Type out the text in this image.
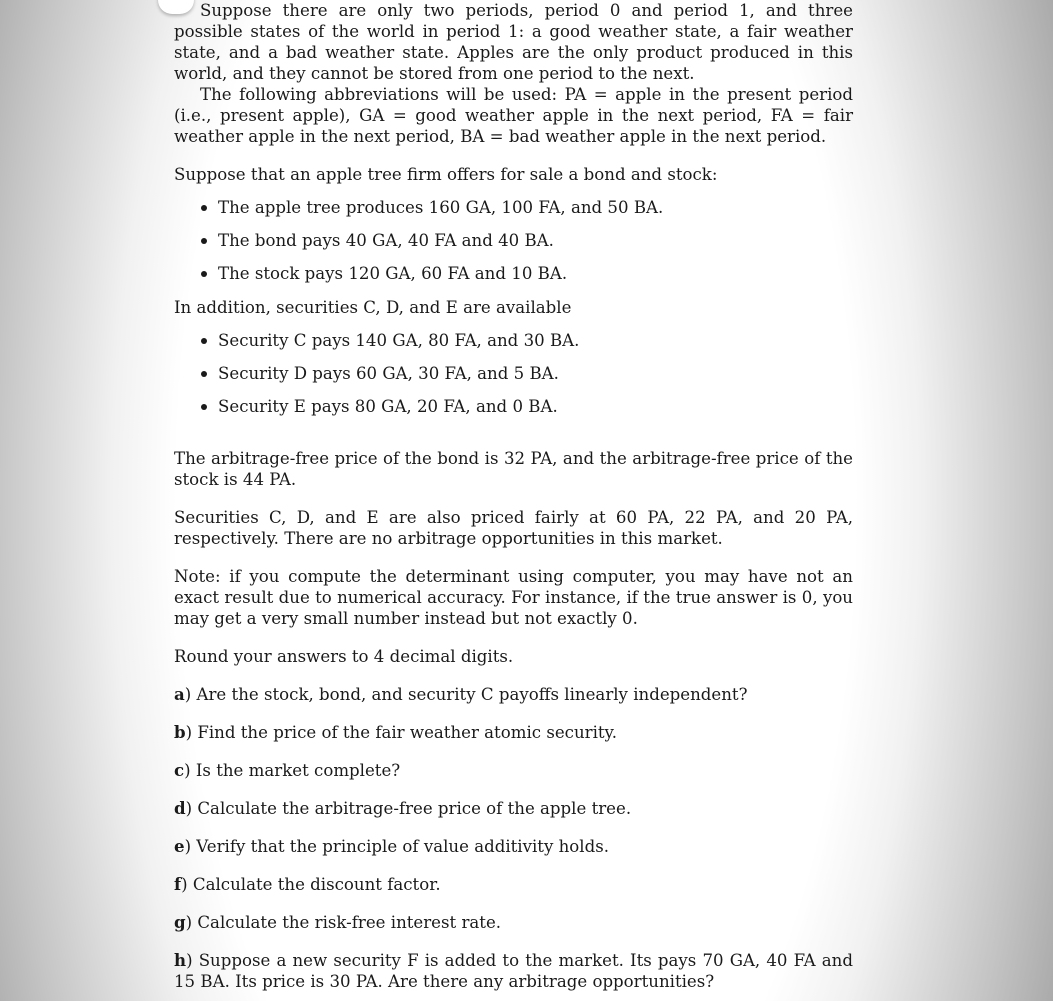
Suppose there are only two periods, period 0 and period 1, and three possible states of the world in period 1: a good weather state, a fair weather state, and a bad weather state. Apples are the only product produced in this world, and they cannot be stored from one period to the next.

The following abbreviations will be used: PA = apple in the present period (i.e., present apple), GA = good weather apple in the next period, FA = fair weather apple in the next period, BA = bad weather apple in the next period.

Suppose that an apple tree firm offers for sale a bond and stock:

The apple tree produces 160 GA, 100 FA, and 50 BA.
The bond pays 40 GA, 40 FA and 40 BA.
The stock pays 120 GA, 60 FA and 10 BA.

In addition, securities C, D, and E are available

Security C pays 140 GA, 80 FA, and 30 BA.
Security D pays 60 GA, 30 FA, and 5 BA.
Security E pays 80 GA, 20 FA, and 0 BA.

The arbitrage-free price of the bond is 32 PA, and the arbitrage-free price of the stock is 44 PA.

Securities C, D, and E are also priced fairly at 60 PA, 22 PA, and 20 PA, respectively. There are no arbitrage opportunities in this market.

Note: if you compute the determinant using computer, you may have not an exact result due to numerical accuracy. For instance, if the true answer is 0, you may get a very small number instead but not exactly 0.

Round your answers to 4 decimal digits.

a) Are the stock, bond, and security C payoffs linearly independent?

b) Find the price of the fair weather atomic security.

c) Is the market complete?

d) Calculate the arbitrage-free price of the apple tree.

e) Verify that the principle of value additivity holds.

f) Calculate the discount factor.

g) Calculate the risk-free interest rate.

h) Suppose a new security F is added to the market. Its pays 70 GA, 40 FA and 15 BA. Its price is 30 PA. Are there any arbitrage opportunities?
